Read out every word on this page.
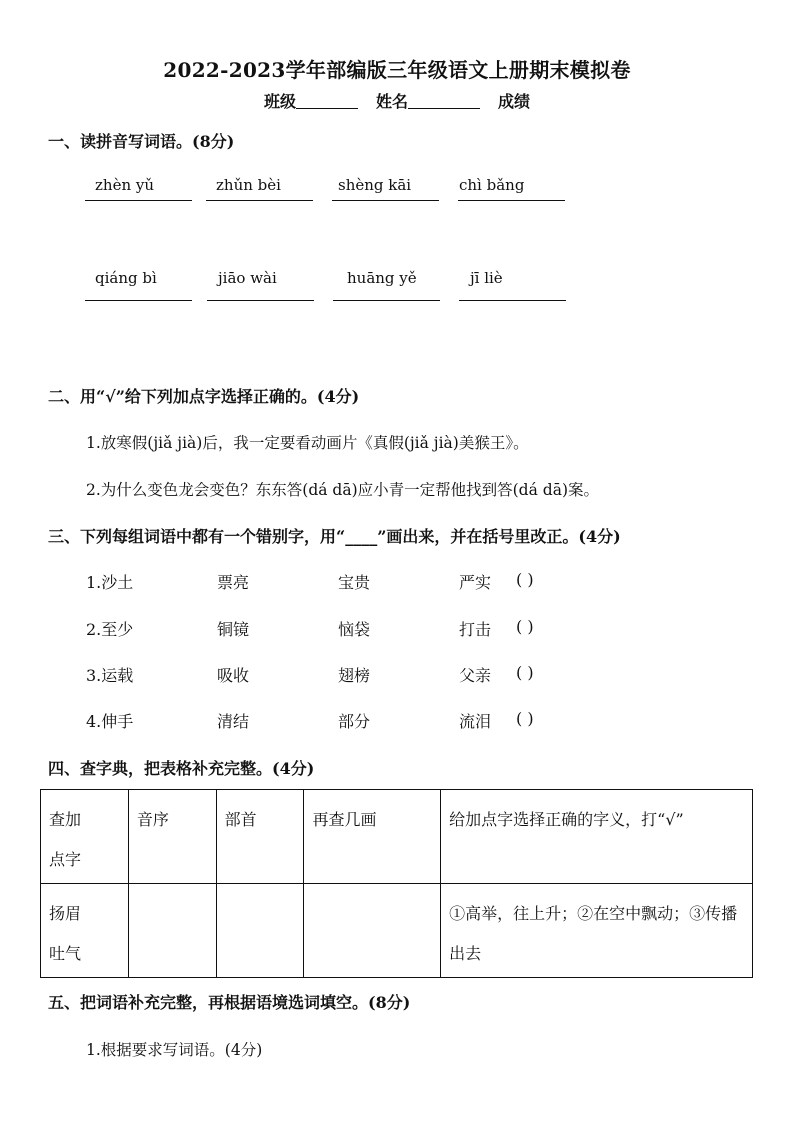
2022-2023学年部编版三年级语文上册期末模拟卷
班级	姓名	成绩
一、读拼音写词语。(8分)
zhèn yǔ	zhǔn bèi	shèng kāi	chì bǎng
qiáng bì	jiāo wài	huāng yě	jī liè
二、用“√”给下列加点字选择正确的。(4分)
1.放寒假(jiǎ jià)后，我一定要看动画片《真假(jiǎ jià)美猴王》。
2.为什么变色龙会变色？东东答(dá dā)应小青一定帮他找到答(dá dā)案。
三、下列每组词语中都有一个错别字，用“____”画出来，并在括号里改正。(4分)
1.沙土	票亮	宝贵	严实 ( )
2.至少	铜镜	恼袋	打击 ( )
3.运载	吸收	翅榜	父亲 ( )
4.伸手	清结	部分	流泪 ( )
四、查字典，把表格补充完整。(4分)
查加
点字	音序	部首	再查几画	给加点字选择正确的字义，打“√”

扬眉
吐气				①高举，往上升；②在空中飘动；③传播出去
五、把词语补充完整，再根据语境选词填空。(8分)
1.根据要求写词语。(4分)
